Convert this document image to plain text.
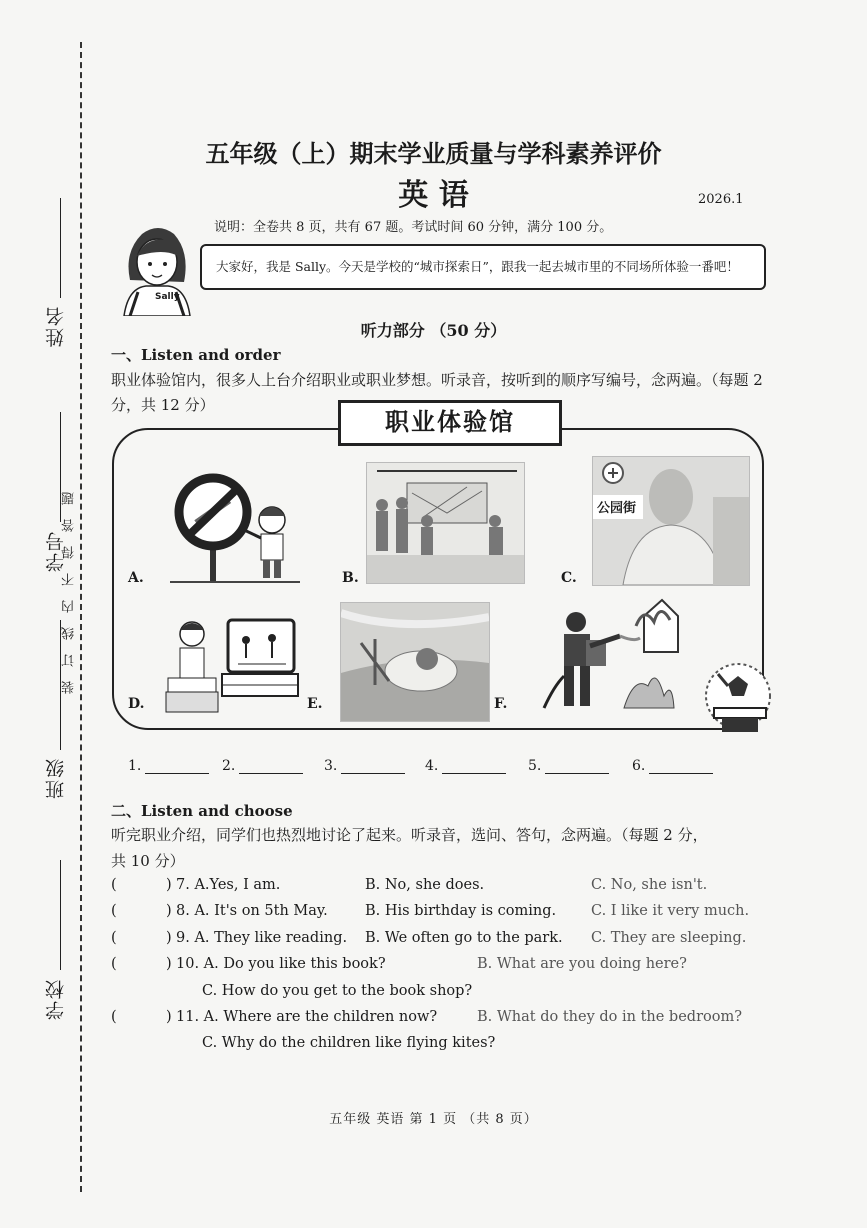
姓名
学号
班级
学校
装订线内不得答题
五年级（上）期末学业质量与学科素养评价
英 语	2026.1
说明：全卷共 8 页，共有 67 题。考试时间 60 分钟，满分 100 分。
Sally
大家好，我是 Sally。今天是学校的“城市探索日”，跟我一起去城市里的不同场所体验一番吧！
听力部分 （50 分）
一、Listen and order
职业体验馆内，很多人上台介绍职业或职业梦想。听录音，按听到的顺序写编号，念两遍。（每题 2 分，共 12 分）
职业体验馆
A.	B.	C.
公园街
D.	E.	F.
1.	2.	3.	4.	5.	6.
二、Listen and choose
听完职业介绍，同学们也热烈地讨论了起来。听录音，选问、答句，念两遍。（每题 2 分，
共 10 分）
(	) 7. A.Yes, I am.	B. No, she does.	C. No, she isn't.
(	) 8. A. It's on 5th May.	B. His birthday is coming. C. I like it very much.
(	) 9. A. They like reading. B. We often go to the park. C. They are sleeping.
(	) 10. A. Do you like this book?	B. What are you doing here?
C. How do you get to the book shop?
(	) 11. A. Where are the children now?	B. What do they do in the bedroom?
C. Why do the children like flying kites?
五年级 英语 第 1 页 （共 8 页）
